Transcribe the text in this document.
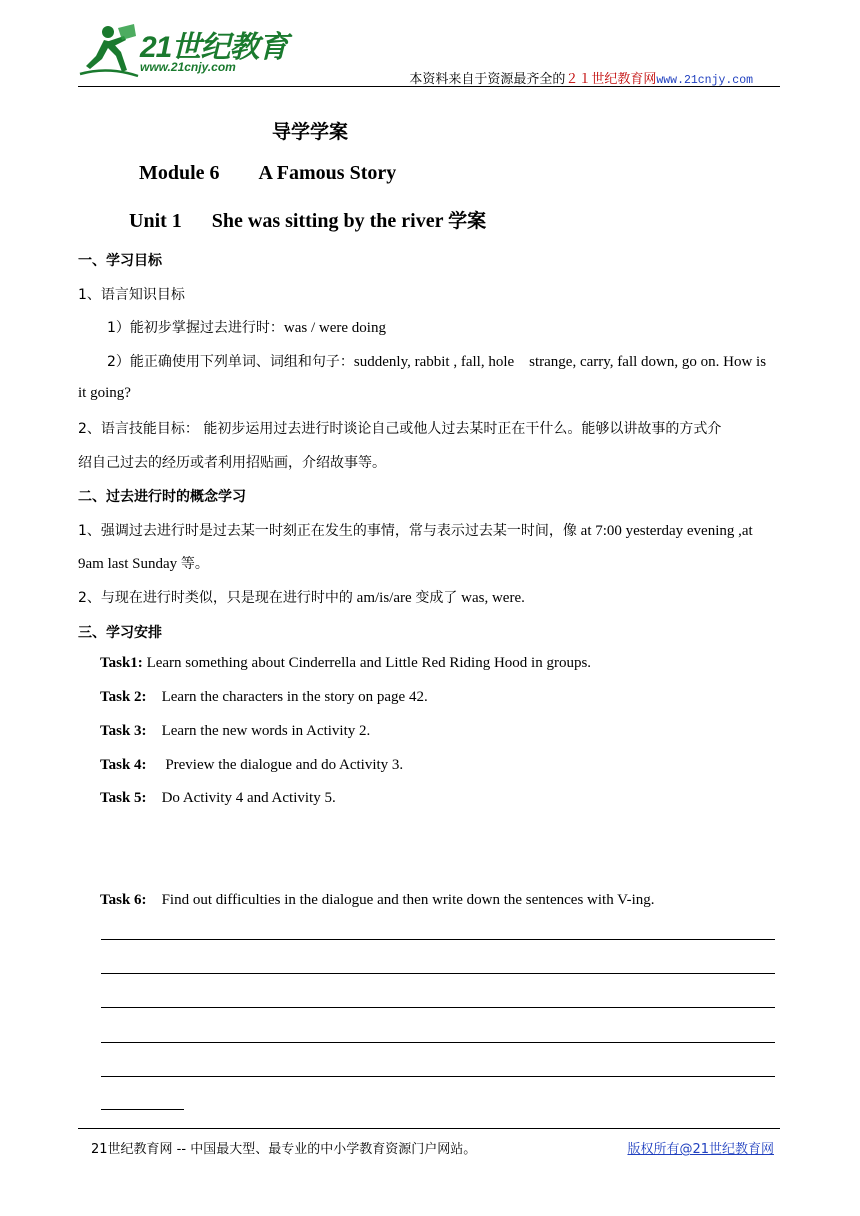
21世纪教育
www.21cnjy.com
本资料来自于资源最齐全的２１世纪教育网www.21cnjy.com
导学学案
Module 6 A Famous Story
Unit 1 She was sitting by the river 学案
一、学习目标
1、语言知识目标
1）能初步掌握过去进行时：was / were doing
2）能正确使用下列单词、词组和句子：suddenly, rabbit , fall, hole    strange, carry, fall down, go on. How is
it going?
2、语言技能目标： 能初步运用过去进行时谈论自己或他人过去某时正在干什么。能够以讲故事的方式介
绍自己过去的经历或者利用招贴画，介绍故事等。
二、过去进行时的概念学习
1、强调过去进行时是过去某一时刻正在发生的事情，常与表示过去某一时间，像 at 7:00 yesterday evening ,at
9am last Sunday 等。
2、与现在进行时类似，只是现在进行时中的 am/is/are 变成了 was, were.
三、学习安排
Task1: Learn something about Cinderrella and Little Red Riding Hood in groups.
Task 2:    Learn the characters in the story on page 42.
Task 3:    Learn the new words in Activity 2.
Task 4:     Preview the dialogue and do Activity 3.
Task 5:    Do Activity 4 and Activity 5.
Task 6:    Find out difficulties in the dialogue and then write down the sentences with V-ing.
21世纪教育网 -- 中国最大型、最专业的中小学教育资源门户网站。	版权所有@21世纪教育网
